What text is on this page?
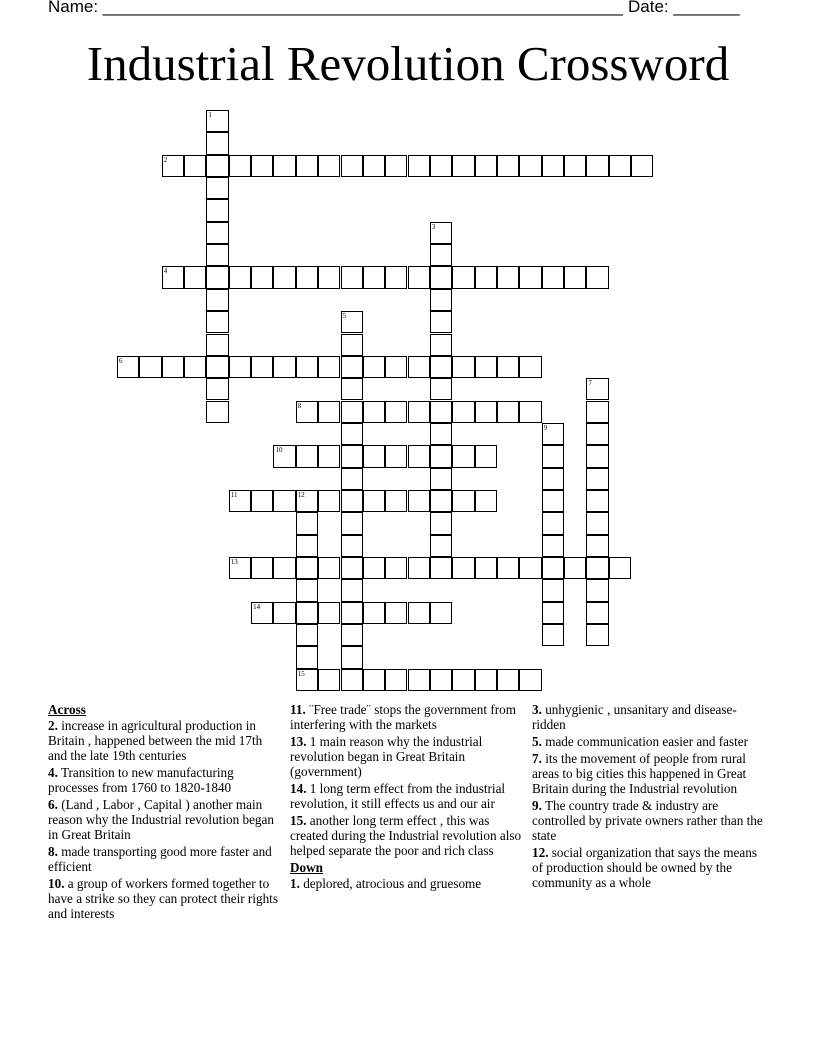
Name: _______________________________________________________ Date: _______
Industrial Revolution Crossword
1
2
3
4
5
6
7
8
9
10
11	12
15
13
14
Across
2. increase in agricultural production in Britain , happened between the mid 17th and the late 19th centuries
4. Transition to new manufacturing processes from 1760 to 1820-1840
6. (Land , Labor , Capital ) another main reason why the Industrial revolution began in Great Britain
8. made transporting good more faster and efficient
10. a group of workers formed together to have a strike so they can protect their rights and interests
11. ¨Free trade¨ stops the government from interfering with the markets
13. 1 main reason why the industrial revolution began in Great Britain (government)
14. 1 long term effect from the industrial revolution, it still effects us and our air
15. another long term effect , this was created during the Industrial revolution also helped separate the poor and rich class
Down
1. deplored, atrocious and gruesome
3. unhygienic , unsanitary and disease-ridden
5. made communication easier and faster
7. its the movement of people from rural areas to big cities this happened in Great Britain during the Industrial revolution
9. The country trade & industry are controlled by private owners rather than the state
12. social organization that says the means of production should be owned by the community as a whole
